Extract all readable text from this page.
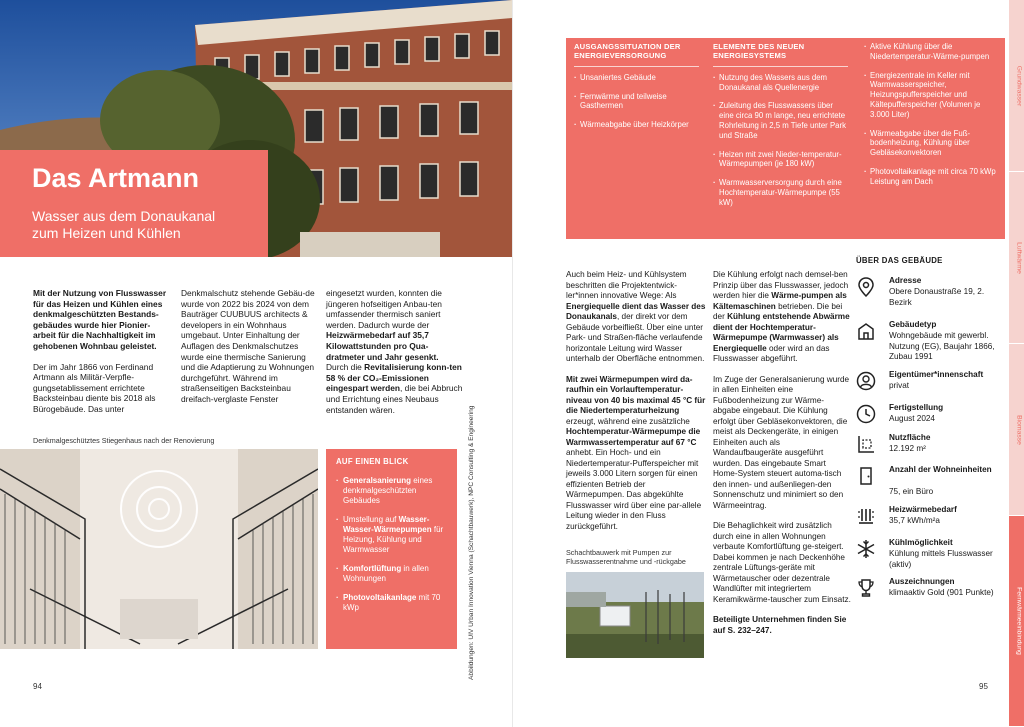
Das Artmann
Wasser aus dem Donaukanal
zum Heizen und Kühlen

Mit der Nutzung von Flusswasser für das Heizen und Kühlen eines denkmalgeschützten Bestands-gebäudes wurde hier Pionier-arbeit für die Nachhaltigkeit im gehobenen Wohnbau geleistet.

Der im Jahr 1866 von Ferdinand Artmann als Militär-Verpfle-gungsetablissement errichtete Backsteinbau diente bis 2018 als Bürogebäude. Das unter

Denkmalschutz stehende Gebäu-de wurde von 2022 bis 2024 von dem Bauträger CUUBUUS architects & developers in ein Wohnhaus umgebaut. Unter Einhaltung der Auflagen des Denkmalschutzes wurde eine thermische Sanierung und die Adaptierung zu Wohnungen durchgeführt. Während im straßenseitigen Backsteinbau dreifach-verglaste Fenster

eingesetzt wurden, konnten die jüngeren hofseitigen Anbau-ten umfassender thermisch saniert werden. Dadurch wurde der Heizwärmebedarf auf 35,7 Kilowattstunden pro Qua-dratmeter und Jahr gesenkt. Durch die Revitalisierung konn-ten 58 % der CO₂-Emissionen eingespart werden, die bei Abbruch und Errichtung eines Neubaus entstanden wären.	Abbildungen: UIV Urban Innovation Vienna (Schachtbauwerk), NPC Consulting & Engineering
Denkmalgeschütztes Stiegenhaus nach der Renovierung
AUF EINEN BLICK
· Generalsanierung eines denkmalgeschützten Gebäudes
· Umstellung auf Wasser-Wasser-Wärmepumpen für Heizung, Kühlung und Warmwasser
· Komfortlüftung in allen Wohnungen
· Photovoltaikanlage mit 70 kWp
94
AUSGANGSSITUATION DER ENERGIEVERSORGUNG
· Unsaniertes Gebäude
· Fernwärme und teilweise Gasthermen
· Wärmeabgabe über Heizkörper
ELEMENTE DES NEUEN ENERGIESYSTEMS
· Nutzung des Wassers aus dem Donaukanal als Quellenergie
· Zuleitung des Flusswassers über eine circa 90 m lange, neu errichtete Rohrleitung in 2,5 m Tiefe unter Park und Straße
· Heizen mit zwei Nieder-temperatur-Wärmepumpen (je 180 kW)
· Warmwasserversorgung durch eine Hochtemperatur-Wärmepumpe (55 kW)
· Aktive Kühlung über die Niedertemperatur-Wärme-pumpen
· Energiezentrale im Keller mit Warmwasserspeicher, Heizungspufferspeicher und Kältepufferspeicher (Volumen je 3.000 Liter)
· Wärmeabgabe über die Fuß-bodenheizung, Kühlung über Gebläsekonvektoren
· Photovoltaikanlage mit circa 70 kWp Leistung am Dach

Auch beim Heiz- und Kühlsystem beschritten die Projektentwick-ler*innen innovative Wege: Als Energiequelle dient das Wasser des Donaukanals, der direkt vor dem Gebäude vorbeifließt. Über eine unter Park- und Straßen-fläche verlaufende horizontale Leitung wird Wasser unterhalb der Oberfläche entnommen.

Mit zwei Wärmepumpen wird da-raufhin ein Vorlauftemperatur-niveau von 40 bis maximal 45 °C für die Niedertemperaturheizung erzeugt, während eine zusätzliche Hochtemperatur-Wärmepumpe die Warmwassertemperatur auf 67 °C anhebt. Ein Hoch- und ein Niedertemperatur-Pufferspeicher mit jeweils 3.000 Litern sorgen für einen effizienten Betrieb der Wärmepumpen. Das abgekühlte Flusswasser wird über eine par-allele Leitung wieder in den Fluss zurückgeführt.

Schachtbauwerk mit Pumpen zur Flusswasserentnahme und -rückgabe

Die Kühlung erfolgt nach demsel-ben Prinzip über das Flusswasser, jedoch werden hier die Wärme-pumpen als Kältemaschinen betrieben. Die bei der Kühlung entstehende Abwärme dient der Hochtemperatur-Wärmepumpe (Warmwasser) als Energiequelle oder wird an das Flusswasser abgeführt.

Im Zuge der Generalsanierung wurde in allen Einheiten eine Fußbodenheizung zur Wärme-abgabe eingebaut. Die Kühlung erfolgt über Gebläsekonvektoren, die meist als Deckengeräte, in einigen Einheiten auch als Wandaufbaugeräte ausgeführt wurden. Das eingebaute Smart Home-System steuert automa-tisch den innen- und außenliegen-den Sonnenschutz und minimiert so den Wärmeeintrag.

Die Behaglichkeit wird zusätzlich durch eine in allen Wohnungen verbaute Komfortlüftung ge-steigert. Dabei kommen je nach Deckenhöhe zentrale Lüftungs-geräte mit Wärmetauscher oder dezentrale Wandlüfter mit integriertem Keramikwärme-tauscher zum Einsatz.

Beteiligte Unternehmen finden Sie auf S. 232–247.

ÜBER DAS GEBÄUDE
Adresse
Obere Donaustraße 19, 2. Bezirk
Gebäudetyp
Wohngebäude mit gewerbl. Nutzung (EG), Baujahr 1866, Zubau 1991
Eigentümer*innenschaft
privat
Fertigstellung
August 2024
Nutzfläche
12.192 m²
Anzahl der Wohneinheiten
75, ein Büro
Heizwärmebedarf
35,7 kWh/m²a
Kühlmöglichkeit
Kühlung mittels Flusswasser (aktiv)
Auszeichnungen
klimaaktiv Gold (901 Punkte)
95
Grundwasser
Luftwärme
Biomasse
Fernwärmeeinbindung
